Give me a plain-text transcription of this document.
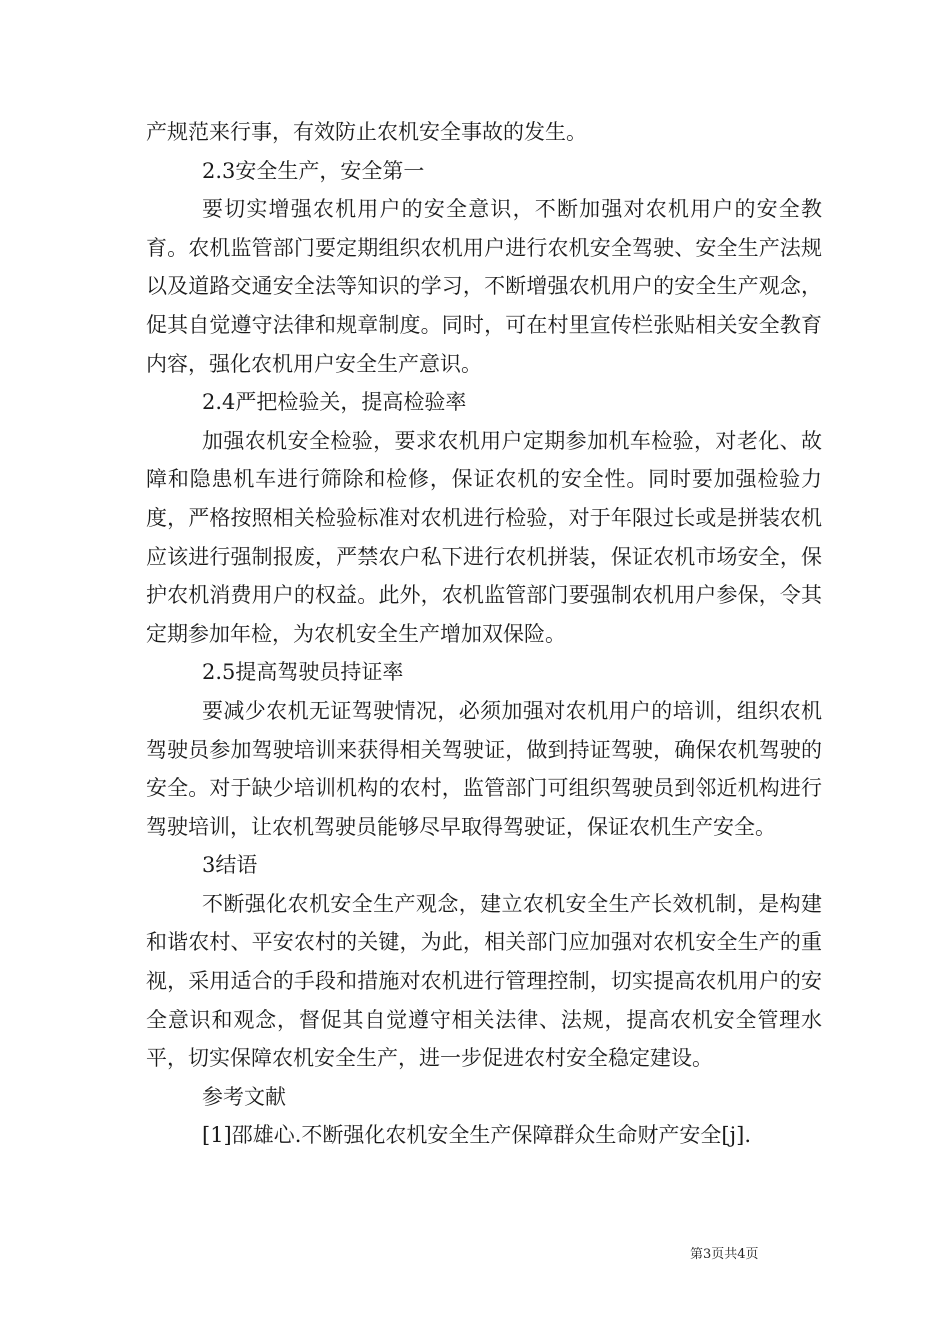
产规范来行事，有效防止农机安全事故的发生。

2.3安全生产，安全第一

要切实增强农机用户的安全意识，不断加强对农机用户的安全教育。农机监管部门要定期组织农机用户进行农机安全驾驶、安全生产法规以及道路交通安全法等知识的学习，不断增强农机用户的安全生产观念，促其自觉遵守法律和规章制度。同时，可在村里宣传栏张贴相关安全教育内容，强化农机用户安全生产意识。

2.4严把检验关，提高检验率

加强农机安全检验，要求农机用户定期参加机车检验，对老化、故障和隐患机车进行筛除和检修，保证农机的安全性。同时要加强检验力度，严格按照相关检验标准对农机进行检验，对于年限过长或是拼装农机应该进行强制报废，严禁农户私下进行农机拼装，保证农机市场安全，保护农机消费用户的权益。此外，农机监管部门要强制农机用户参保，令其定期参加年检，为农机安全生产增加双保险。

2.5提高驾驶员持证率

要减少农机无证驾驶情况，必须加强对农机用户的培训，组织农机驾驶员参加驾驶培训来获得相关驾驶证，做到持证驾驶，确保农机驾驶的安全。对于缺少培训机构的农村，监管部门可组织驾驶员到邻近机构进行驾驶培训，让农机驾驶员能够尽早取得驾驶证，保证农机生产安全。

3结语

不断强化农机安全生产观念，建立农机安全生产长效机制，是构建和谐农村、平安农村的关键，为此，相关部门应加强对农机安全生产的重视，采用适合的手段和措施对农机进行管理控制，切实提高农机用户的安全意识和观念，督促其自觉遵守相关法律、法规，提高农机安全管理水平，切实保障农机安全生产，进一步促进农村安全稳定建设。

参考文献

[1]邵雄心.不断强化农机安全生产保障群众生命财产安全[j].

第3页共4页
